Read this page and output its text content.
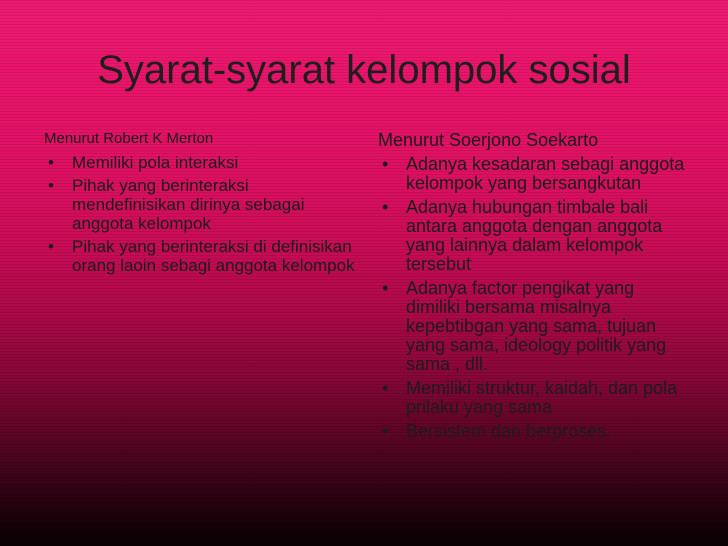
Syarat-syarat kelompok sosial

Menurut Robert K Merton

• Memiliki pola interaksi
• Pihak yang berinteraksi mendefinisikan dirinya sebagai anggota kelompok
• Pihak yang berinteraksi di definisikan orang laoin sebagi anggota kelompok

Menurut Soerjono Soekarto

• Adanya kesadaran sebagi anggota kelompok yang bersangkutan
• Adanya hubungan timbale bali antara anggota dengan anggota yang lainnya dalam kelompok tersebut
• Adanya factor pengikat yang dimiliki bersama misalnya kepebtibgan yang sama, tujuan yang sama, ideology politik yang sama , dll.
• Memiliki struktur, kaidah, dan pola prilaku yang sama
• Bersistem dan berproses.
